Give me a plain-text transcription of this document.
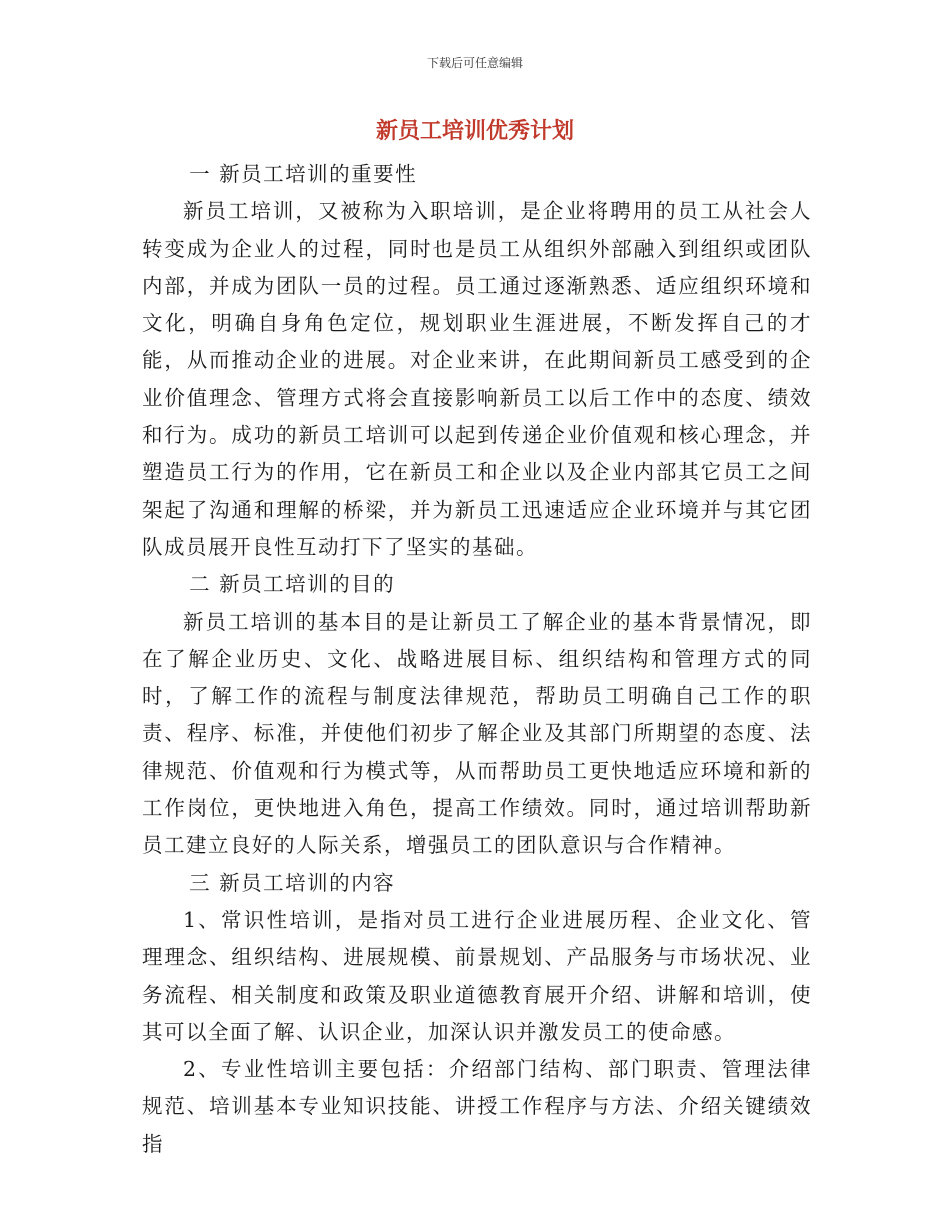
下载后可任意编辑
新员工培训优秀计划

一 新员工培训的重要性

新员工培训，又被称为入职培训，是企业将聘用的员工从社会人转变成为企业人的过程，同时也是员工从组织外部融入到组织或团队内部，并成为团队一员的过程。员工通过逐渐熟悉、适应组织环境和文化，明确自身角色定位，规划职业生涯进展，不断发挥自己的才能，从而推动企业的进展。对企业来讲，在此期间新员工感受到的企业价值理念、管理方式将会直接影响新员工以后工作中的态度、绩效和行为。成功的新员工培训可以起到传递企业价值观和核心理念，并塑造员工行为的作用，它在新员工和企业以及企业内部其它员工之间架起了沟通和理解的桥梁，并为新员工迅速适应企业环境并与其它团队成员展开良性互动打下了坚实的基础。

二 新员工培训的目的

新员工培训的基本目的是让新员工了解企业的基本背景情况，即在了解企业历史、文化、战略进展目标、组织结构和管理方式的同时，了解工作的流程与制度法律规范，帮助员工明确自己工作的职责、程序、标准，并使他们初步了解企业及其部门所期望的态度、法律规范、价值观和行为模式等，从而帮助员工更快地适应环境和新的工作岗位，更快地进入角色，提高工作绩效。同时，通过培训帮助新员工建立良好的人际关系，增强员工的团队意识与合作精神。

三 新员工培训的内容

1、常识性培训，是指对员工进行企业进展历程、企业文化、管理理念、组织结构、进展规模、前景规划、产品服务与市场状况、业务流程、相关制度和政策及职业道德教育展开介绍、讲解和培训，使其可以全面了解、认识企业，加深认识并激发员工的使命感。

2、专业性培训主要包括：介绍部门结构、部门职责、管理法律规范、培训基本专业知识技能、讲授工作程序与方法、介绍关键绩效指
